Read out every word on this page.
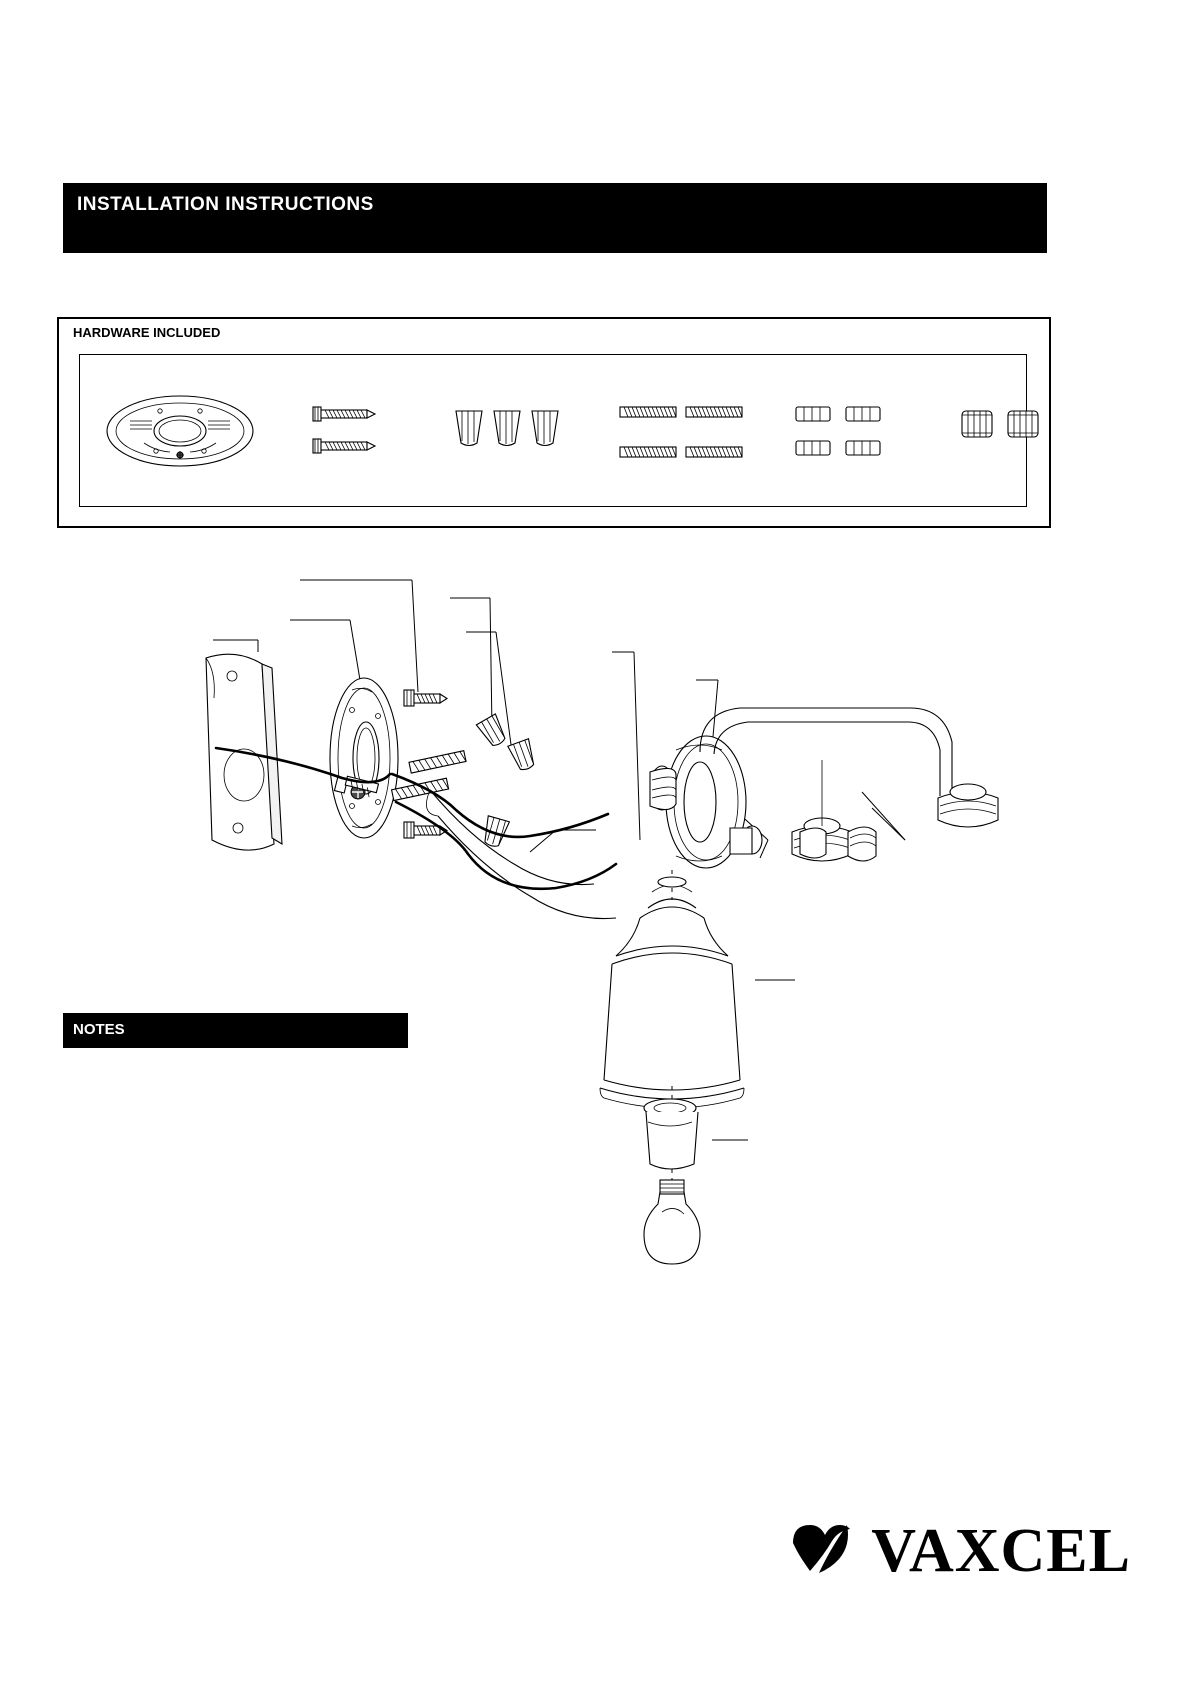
INSTALLATION INSTRUCTIONS
HARDWARE INCLUDED
NOTES
VAXCEL
